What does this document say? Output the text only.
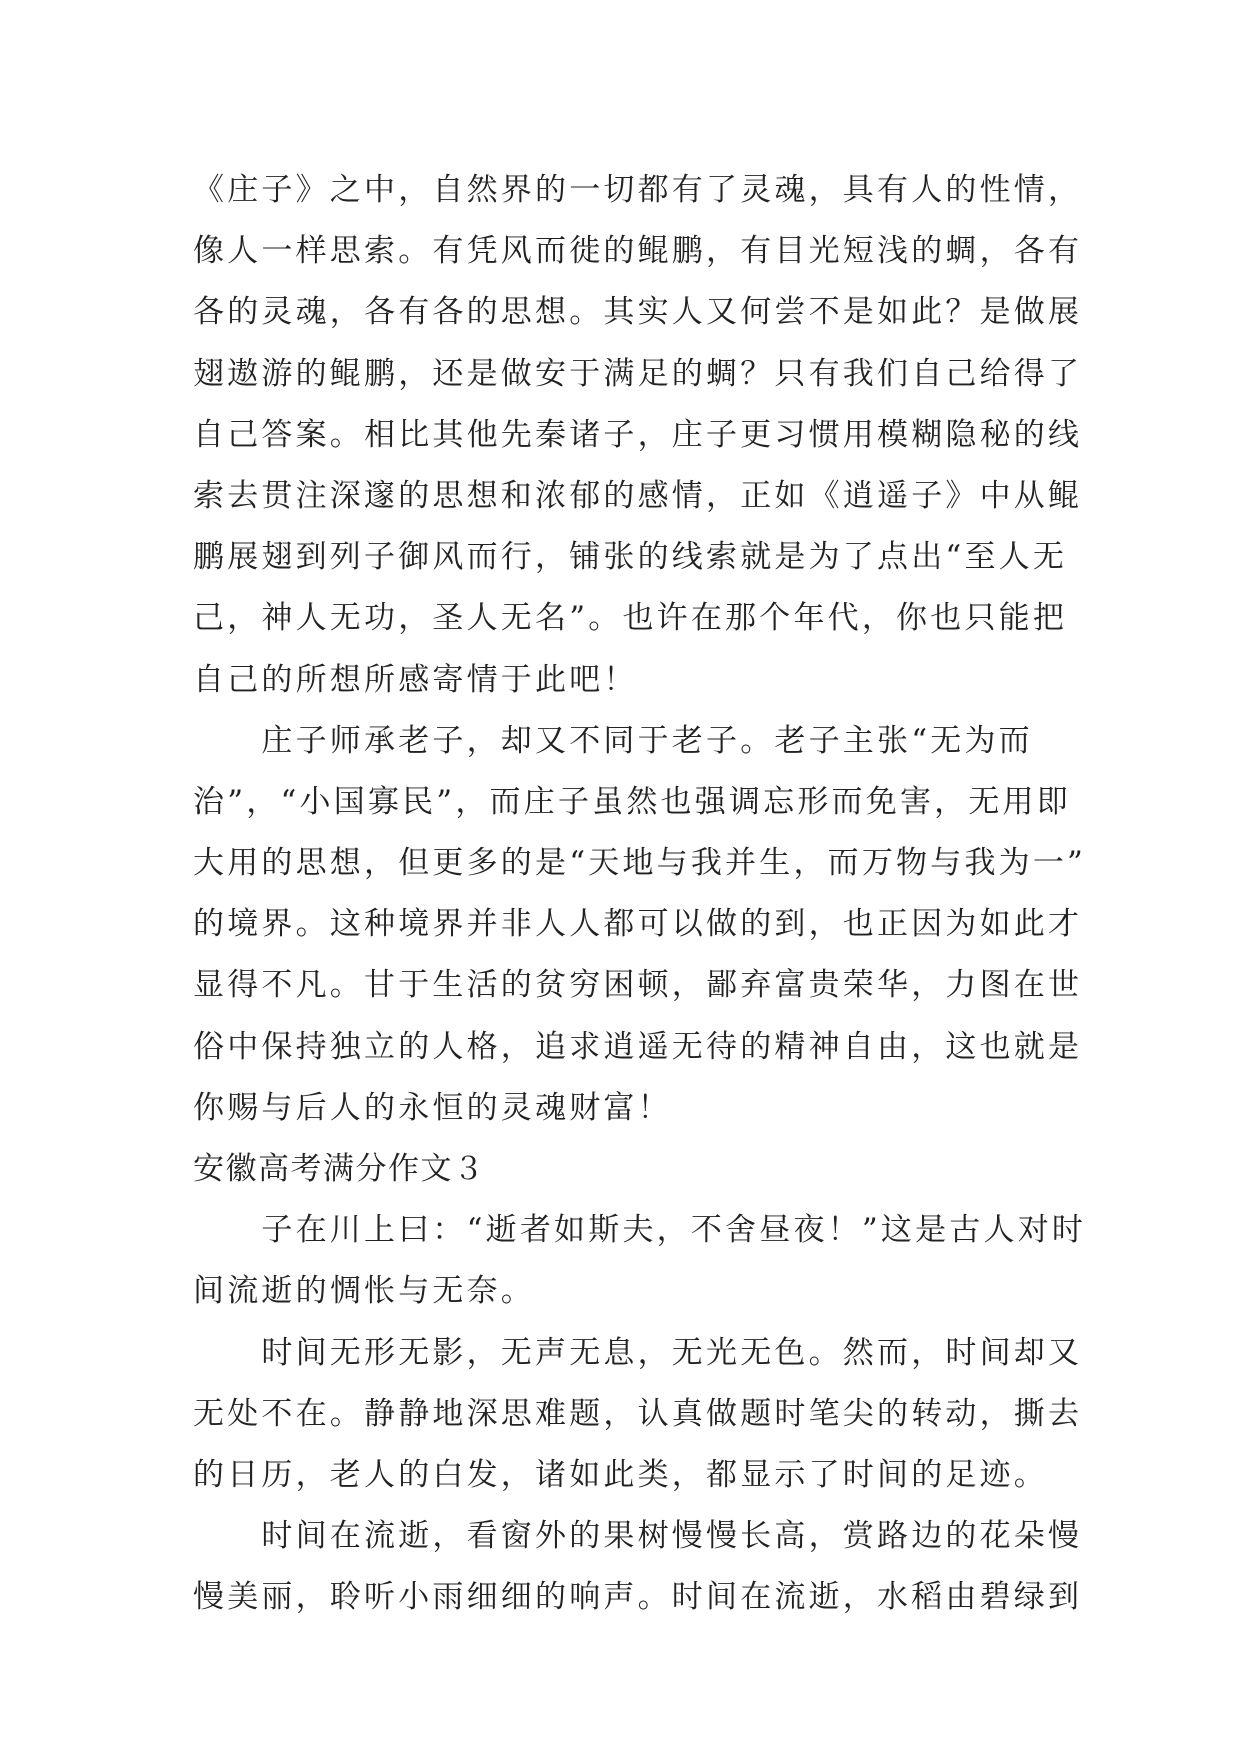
《庄子》之中，自然界的一切都有了灵魂，具有人的性情，
像人一样思索。有凭风而徙的鲲鹏，有目光短浅的蜩，各有
各的灵魂，各有各的思想。其实人又何尝不是如此？是做展
翅遨游的鲲鹏，还是做安于满足的蜩？只有我们自己给得了
自己答案。相比其他先秦诸子，庄子更习惯用模糊隐秘的线
索去贯注深邃的思想和浓郁的感情，正如《逍遥子》中从鲲
鹏展翅到列子御风而行，铺张的线索就是为了点出“至人无
己，神人无功，圣人无名”。也许在那个年代，你也只能把
自己的所想所感寄情于此吧！
　　庄子师承老子，却又不同于老子。老子主张“无为而
治”，“小国寡民”，而庄子虽然也强调忘形而免害，无用即
大用的思想，但更多的是“天地与我并生，而万物与我为一”
的境界。这种境界并非人人都可以做的到，也正因为如此才
显得不凡。甘于生活的贫穷困顿，鄙弃富贵荣华，力图在世
俗中保持独立的人格，追求逍遥无待的精神自由，这也就是
你赐与后人的永恒的灵魂财富！
安徽高考满分作文３
　　子在川上曰：“逝者如斯夫，不舍昼夜！”这是古人对时
间流逝的惆怅与无奈。
　　时间无形无影，无声无息，无光无色。然而，时间却又
无处不在。静静地深思难题，认真做题时笔尖的转动，撕去
的日历，老人的白发，诸如此类，都显示了时间的足迹。
　　时间在流逝，看窗外的果树慢慢长高，赏路边的花朵慢
慢美丽，聆听小雨细细的响声。时间在流逝，水稻由碧绿到
